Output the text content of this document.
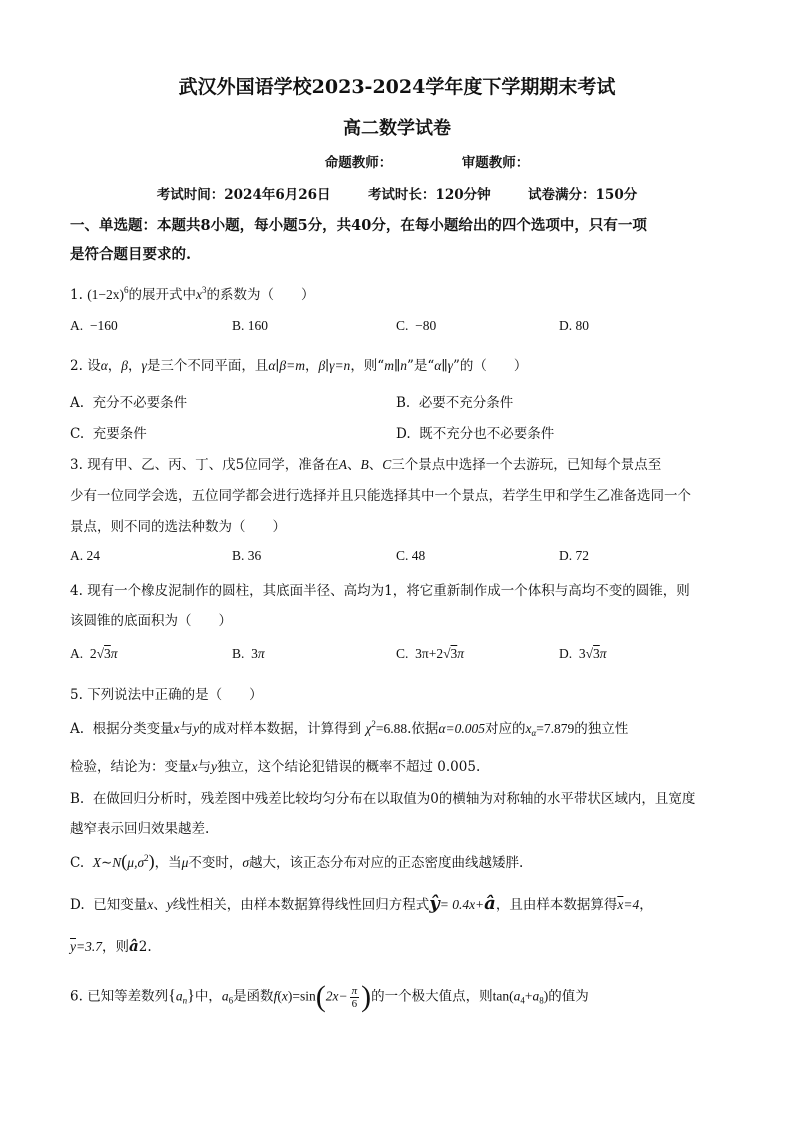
武汉外国语学校2023-2024学年度下学期期末考试
高二数学试卷
命题教师：	审题教师：
考试时间：2024年6月26日	考试时长：120分钟	试卷满分：150分
一、单选题：本题共8小题，每小题5分，共40分，在每小题给出的四个选项中，只有一项
是符合题目要求的.
1. $(1-2x)^6$的展开式中$x^3$的系数为（　　）
A. −160	B. 160	C. −80	D. 80
2. 设α，β，γ是三个不同平面，且α∣β=m，β∣γ=n，则“m∥n”是“α∥γ”的（　　）
A. 充分不必要条件	B. 必要不充分条件
C. 充要条件	D. 既不充分也不必要条件
3. 现有甲、乙、丙、丁、戊5位同学，准备在A、B、C三个景点中选择一个去游玩，已知每个景点至
少有一位同学会选，五位同学都会进行选择并且只能选择其中一个景点，若学生甲和学生乙准备选同一个
景点，则不同的选法种数为（　　）
A. 24	B. 36	C. 48	D. 72
4. 现有一个橡皮泥制作的圆柱，其底面半径、高均为1，将它重新制作成一个体积与高均不变的圆锥，则
该圆锥的底面积为（　　）
A. 2√3π	B. 3π	C. 3π+2√3π	D. 3√3π
5. 下列说法中正确的是（　　）
A. 根据分类变量x与y的成对样本数据，计算得到 $\chi^2=6.88$.依据α=0.005对应的$x_\alpha=7.879$的独立性
检验，结论为：变量x与y独立，这个结论犯错误的概率不超过 0.005.
B. 在做回归分析时，残差图中残差比较均匀分布在以取值为0的横轴为对称轴的水平带状区域内，且宽度
越窄表示回归效果越差.
C. $X\sim N(\mu,\sigma^2)$，当μ不变时，σ越大，该正态分布对应的正态密度曲线越矮胖.
D. 已知变量x、y线性相关，由样本数据算得线性回归方程式ŷ= 0.4x+â，且由样本数据算得$\overline{x}=4$，
$\overline{y}=3.7$，则â2.
6. 已知等差数列$\{a_n\}$中，$a_6$是函数$f(x)=\sin(2x- \frac{\pi}{6}$ )的一个极大值点，则$\tan(a_4+a_8)$的值为
